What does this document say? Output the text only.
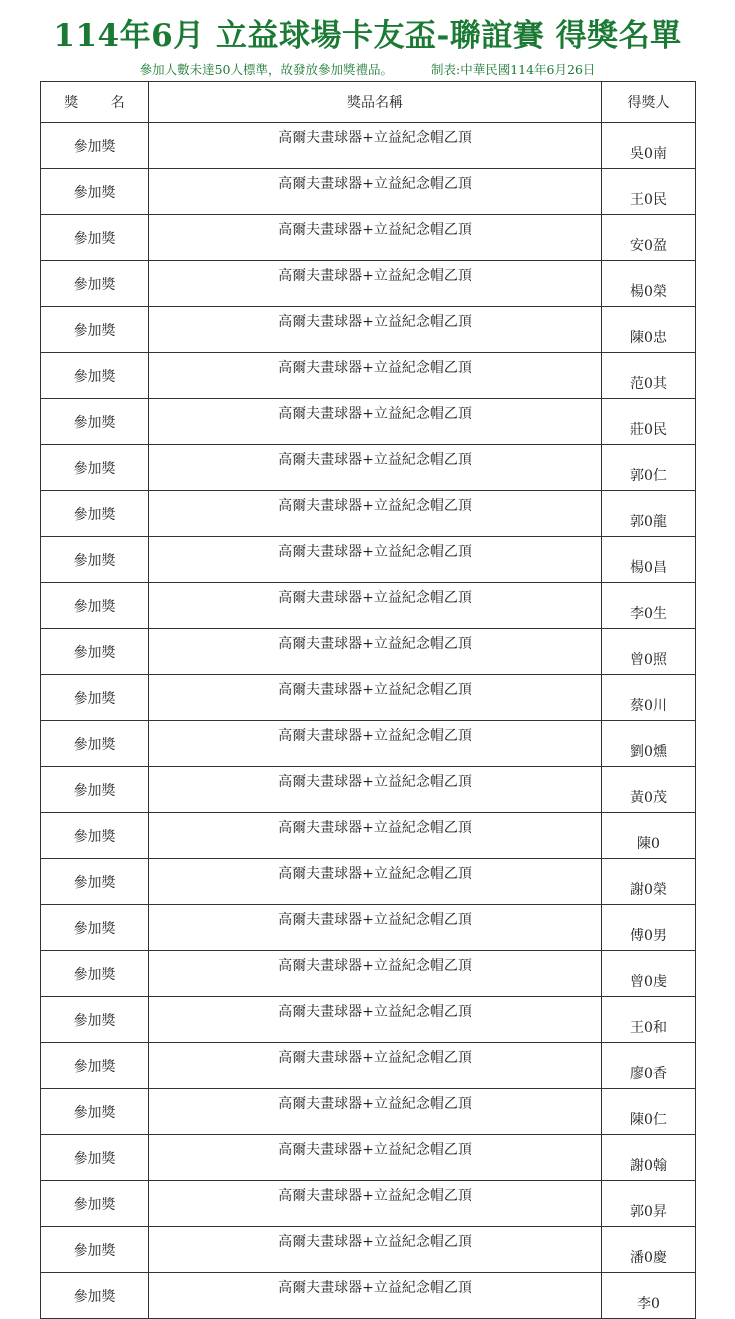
114年6月 立益球場卡友盃-聯誼賽 得獎名單
參加人數未達50人標準，故發放參加獎禮品。	制表:中華民國114年6月26日
獎 名	獎品名稱	得獎人
參加獎	高爾夫畫球器+立益紀念帽乙頂	吳0南
參加獎	高爾夫畫球器+立益紀念帽乙頂	王0民
參加獎	高爾夫畫球器+立益紀念帽乙頂	安0盈
參加獎	高爾夫畫球器+立益紀念帽乙頂	楊0榮
參加獎	高爾夫畫球器+立益紀念帽乙頂	陳0忠
參加獎	高爾夫畫球器+立益紀念帽乙頂	范0其
參加獎	高爾夫畫球器+立益紀念帽乙頂	莊0民
參加獎	高爾夫畫球器+立益紀念帽乙頂	郭0仁
參加獎	高爾夫畫球器+立益紀念帽乙頂	郭0龍
參加獎	高爾夫畫球器+立益紀念帽乙頂	楊0昌
參加獎	高爾夫畫球器+立益紀念帽乙頂	李0生
參加獎	高爾夫畫球器+立益紀念帽乙頂	曾0照
參加獎	高爾夫畫球器+立益紀念帽乙頂	蔡0川
參加獎	高爾夫畫球器+立益紀念帽乙頂	劉0燻
參加獎	高爾夫畫球器+立益紀念帽乙頂	黃0茂
參加獎	高爾夫畫球器+立益紀念帽乙頂	陳0
參加獎	高爾夫畫球器+立益紀念帽乙頂	謝0榮
參加獎	高爾夫畫球器+立益紀念帽乙頂	傅0男
參加獎	高爾夫畫球器+立益紀念帽乙頂	曾0虔
參加獎	高爾夫畫球器+立益紀念帽乙頂	王0和
參加獎	高爾夫畫球器+立益紀念帽乙頂	廖0香
參加獎	高爾夫畫球器+立益紀念帽乙頂	陳0仁
參加獎	高爾夫畫球器+立益紀念帽乙頂	謝0翰
參加獎	高爾夫畫球器+立益紀念帽乙頂	郭0昇
參加獎	高爾夫畫球器+立益紀念帽乙頂	潘0慶
參加獎	高爾夫畫球器+立益紀念帽乙頂	李0
